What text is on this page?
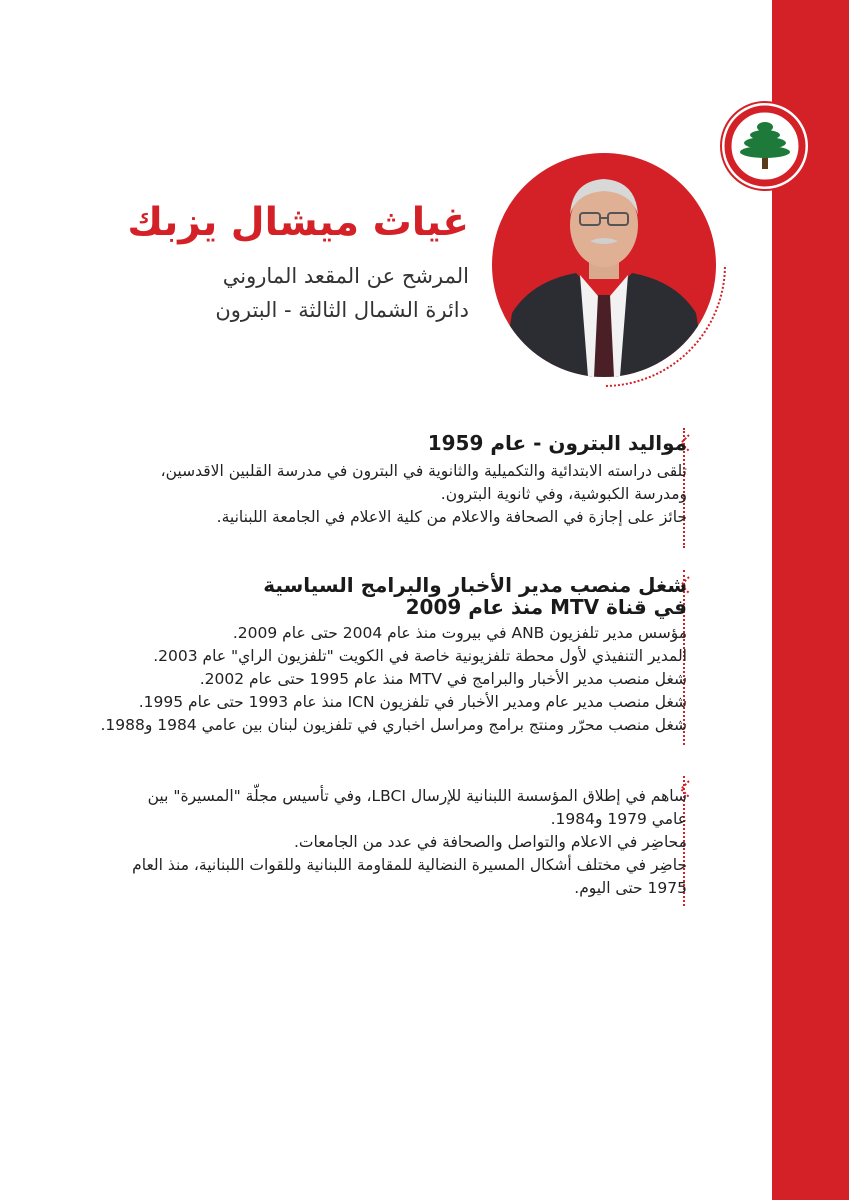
غياث ميشال يزبك
المرشح عن المقعد الماروني
دائرة الشمال الثالثة - البترون
مواليد البترون - عام 1959
تلقى دراسته الابتدائية والتكميلية والثانوية في البترون في مدرسة القلبين الاقدسين،
ومدرسة الكبوشية، وفي ثانوية البترون.
حائز على إجازة في الصحافة والاعلام من كلية الاعلام في الجامعة اللبنانية.
شغل منصب مدير الأخبار والبرامج السياسية
في قناة MTV منذ عام 2009
مؤسس مدير تلفزيون ANB في بيروت منذ عام 2004 حتى عام 2009.
المدير التنفيذي لأول محطة تلفزيونية خاصة في الكويت "تلفزيون الراي" عام 2003.
شغل منصب مدير الأخبار والبرامج في MTV منذ عام 1995 حتى عام 2002.
شغل منصب مدير عام ومدير الأخبار في تلفزيون ICN منذ عام 1993 حتى عام 1995.
شغل منصب محرّر ومنتج برامج ومراسل اخباري في تلفزيون لبنان بين عامي 1984 و1988.
ساهم في إطلاق المؤسسة اللبنانية للإرسال LBCI، وفي تأسيس مجلّة "المسيرة" بين
عامي 1979 و1984.
محاضِر في الاعلام والتواصل والصحافة في عدد من الجامعات.
حاضِر في مختلف أشكال المسيرة النضالية للمقاومة اللبنانية وللقوات اللبنانية، منذ العام
1975 حتى اليوم.
